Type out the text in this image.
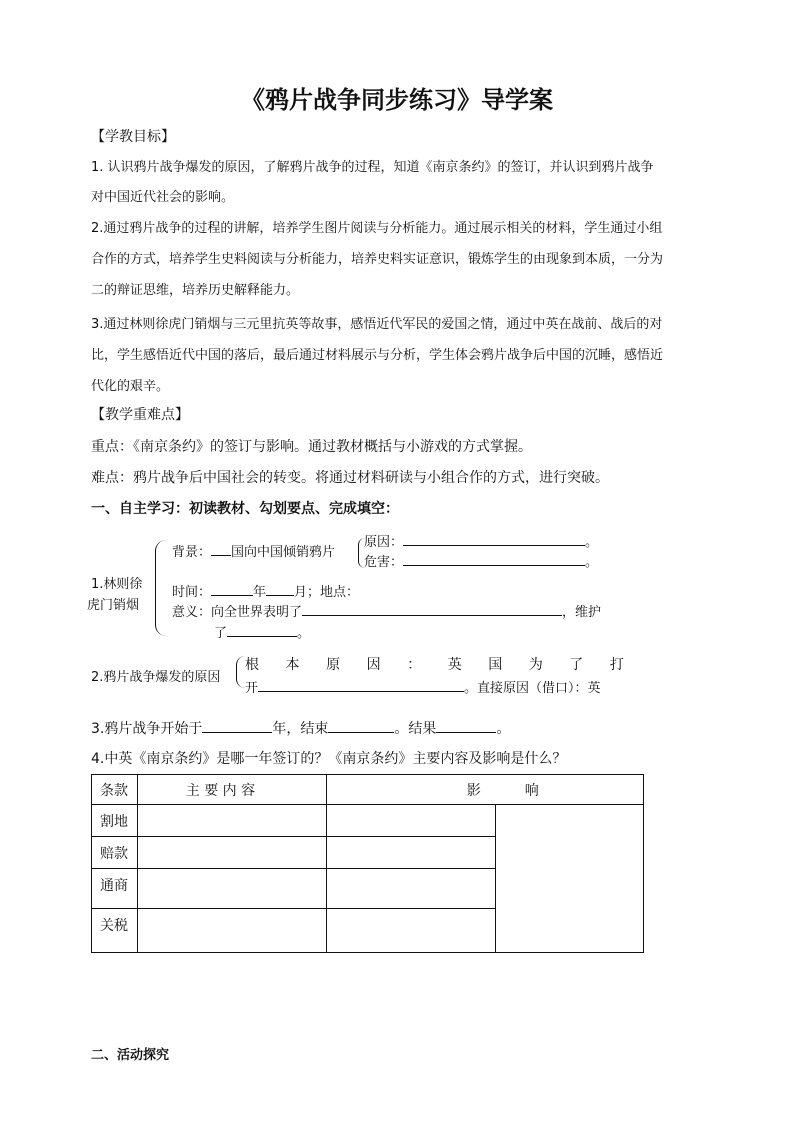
《鸦片战争同步练习》导学案
【学教目标】
1. 认识鸦片战争爆发的原因，了解鸦片战争的过程，知道《南京条约》的签订，并认识到鸦片战争
对中国近代社会的影响。
2.通过鸦片战争的过程的讲解，培养学生图片阅读与分析能力。通过展示相关的材料，学生通过小组
合作的方式，培养学生史料阅读与分析能力，培养史料实证意识，锻炼学生的由现象到本质，一分为
二的辩证思维，培养历史解释能力。
3.通过林则徐虎门销烟与三元里抗英等故事，感悟近代军民的爱国之情，通过中英在战前、战后的对
比，学生感悟近代中国的落后，最后通过材料展示与分析，学生体会鸦片战争后中国的沉睡，感悟近
代化的艰辛。
【教学重难点】
重点：《南京条约》的签订与影响。通过教材概括与小游戏的方式掌握。
难点：鸦片战争后中国社会的转变。将通过材料研读与小组合作的方式，进行突破。
一、自主学习：初读教材、勾划要点、完成填空：
1.林则徐
虎门销烟
背景： 国向中国倾销鸦片
原因：	。
危害：	。
时间：	年 月；地点：
意义：向全世界表明了	，维护
了	。
2.鸦片战争爆发的原因
根 本 原 因 ： 英 国 为 了 打
开	。直接原因（借口）：英
3.鸦片战争开始于	年，结束	。结果	。
4.中英《南京条约》是哪一年签订的？《南京条约》主要内容及影响是什么？
条款	主 要 内 容	影 响	
割地			
赔款			
通商			
关税			
二、活动探究
